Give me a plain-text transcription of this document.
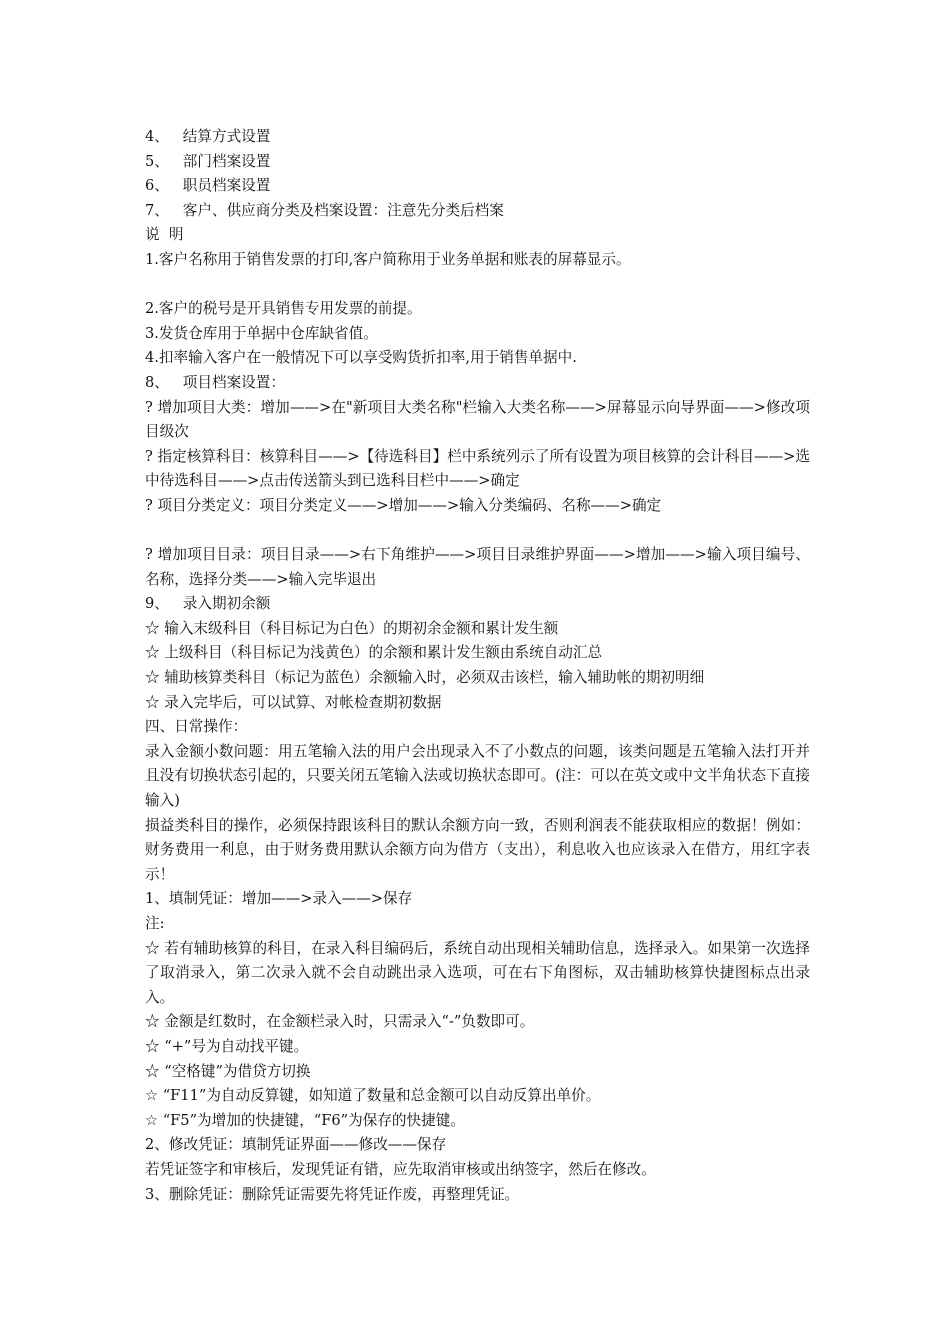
4、   结算方式设置

5、   部门档案设置

6、   职员档案设置

7、   客户、供应商分类及档案设置：注意先分类后档案

说  明

1.客户名称用于销售发票的打印,客户简称用于业务单据和账表的屏幕显示。

2.客户的税号是开具销售专用发票的前提。

3.发货仓库用于单据中仓库缺省值。

4.扣率输入客户在一般情况下可以享受购货折扣率,用于销售单据中.

8、   项目档案设置：

? 增加项目大类：增加——>在"新项目大类名称"栏输入大类名称——>屏幕显示向导界面——>修改项目级次

? 指定核算科目：核算科目——>【待选科目】栏中系统列示了所有设置为项目核算的会计科目——>选中待选科目——>点击传送箭头到已选科目栏中——>确定

? 项目分类定义：项目分类定义——>增加——>输入分类编码、名称——>确定

? 增加项目目录：项目目录——>右下角维护——>项目目录维护界面——>增加——>输入项目编号、名称，选择分类——>输入完毕退出

9、   录入期初余额

☆ 输入末级科目（科目标记为白色）的期初余金额和累计发生额

☆ 上级科目（科目标记为浅黄色）的余额和累计发生额由系统自动汇总

☆ 辅助核算类科目（标记为蓝色）余额输入时，必须双击该栏，输入辅助帐的期初明细

☆ 录入完毕后，可以试算、对帐检查期初数据

四、日常操作：

录入金额小数问题：用五笔输入法的用户会出现录入不了小数点的问题，该类问题是五笔输入法打开并且没有切换状态引起的，只要关闭五笔输入法或切换状态即可。(注：可以在英文或中文半角状态下直接输入)

损益类科目的操作，必须保持跟该科目的默认余额方向一致，否则利润表不能获取相应的数据！例如：财务费用一利息，由于财务费用默认余额方向为借方（支出），利息收入也应该录入在借方，用红字表示！

1、填制凭证：增加——>录入——>保存

注:

☆ 若有辅助核算的科目，在录入科目编码后，系统自动出现相关辅助信息，选择录入。如果第一次选择了取消录入，第二次录入就不会自动跳出录入选项，可在右下角图标，双击辅助核算快捷图标点出录入。

☆ 金额是红数时，在金额栏录入时，只需录入“-”负数即可。

☆ “+”号为自动找平键。

☆ “空格键”为借贷方切换

☆ “F11”为自动反算键，如知道了数量和总金额可以自动反算出单价。

☆ “F5”为增加的快捷键，“F6”为保存的快捷键。

2、修改凭证：填制凭证界面——修改——保存

若凭证签字和审核后，发现凭证有错，应先取消审核或出纳签字，然后在修改。

3、删除凭证：删除凭证需要先将凭证作废，再整理凭证。
